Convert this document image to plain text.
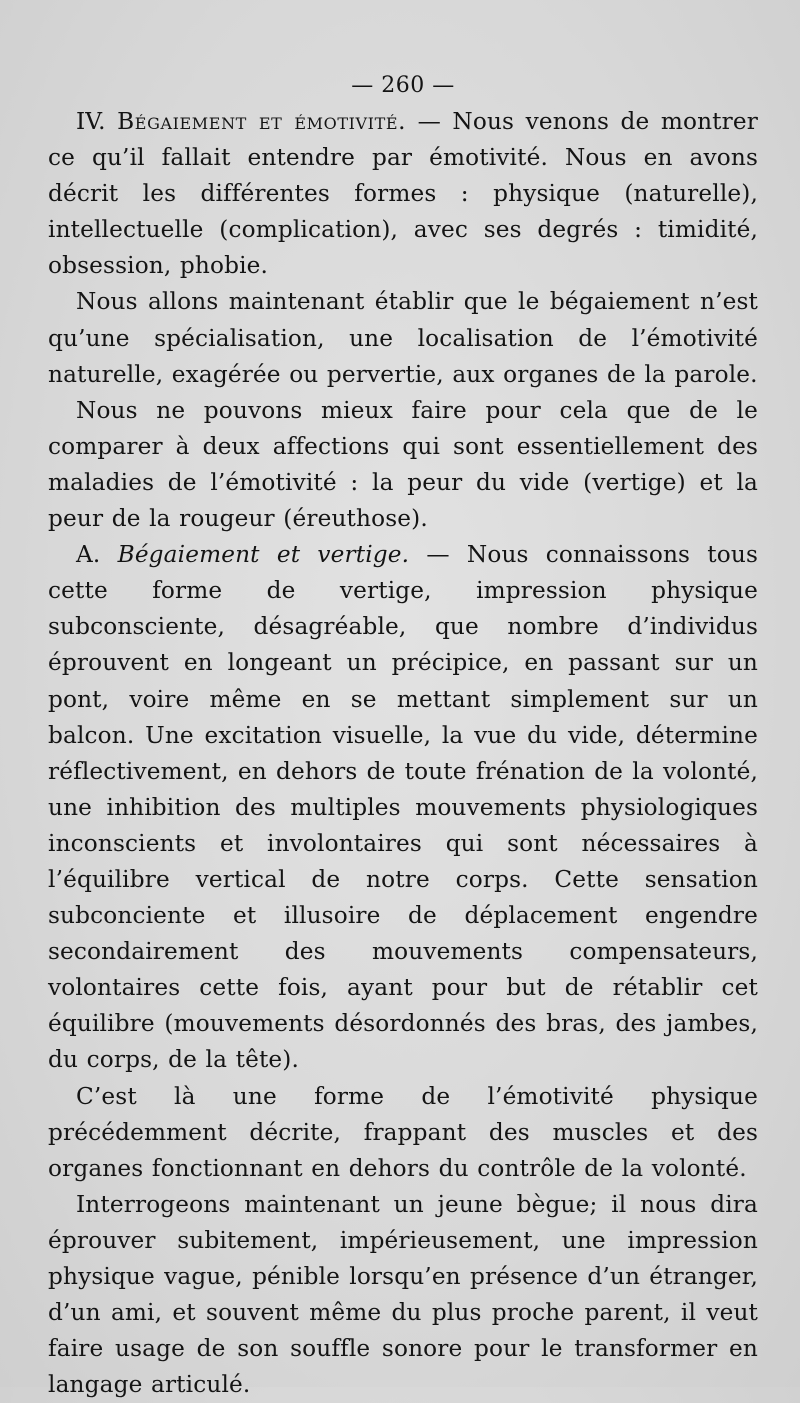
— 260 —

IV. Bégaiement et émotivité. — Nous venons de montrer ce qu’il fallait entendre par émotivité. Nous en avons décrit les différentes formes : physique (naturelle), intellectuelle (complication), avec ses degrés : timidité, obsession, phobie.

Nous allons maintenant établir que le bégaiement n’est qu’une spécialisation, une localisation de l’émotivité naturelle, exagérée ou pervertie, aux organes de la parole.

Nous ne pouvons mieux faire pour cela que de le comparer à deux affections qui sont essentiellement des maladies de l’émotivité : la peur du vide (vertige) et la peur de la rougeur (éreuthose).

A. Bégaiement et vertige. — Nous connaissons tous cette forme de vertige, impression physique subconsciente, désagréable, que nombre d’individus éprouvent en longeant un précipice, en passant sur un pont, voire même en se mettant simplement sur un balcon. Une excitation visuelle, la vue du vide, détermine réflectivement, en dehors de toute frénation de la volonté, une inhibition des multiples mouvements physiologiques inconscients et involontaires qui sont nécessaires à l’équilibre vertical de notre corps. Cette sensation subconciente et illusoire de déplacement engendre secondairement des mouvements compensateurs, volontaires cette fois, ayant pour but de rétablir cet équilibre (mouvements désordonnés des bras, des jambes, du corps, de la tête).

C’est là une forme de l’émotivité physique précédemment décrite, frappant des muscles et des organes fonctionnant en dehors du contrôle de la volonté.

Interrogeons maintenant un jeune bègue; il nous dira éprouver subitement, impérieusement, une impression physique vague, pénible lorsqu’en présence d’un étranger, d’un ami, et souvent même du plus proche parent, il veut faire usage de son souffle sonore pour le transformer en langage articulé.
